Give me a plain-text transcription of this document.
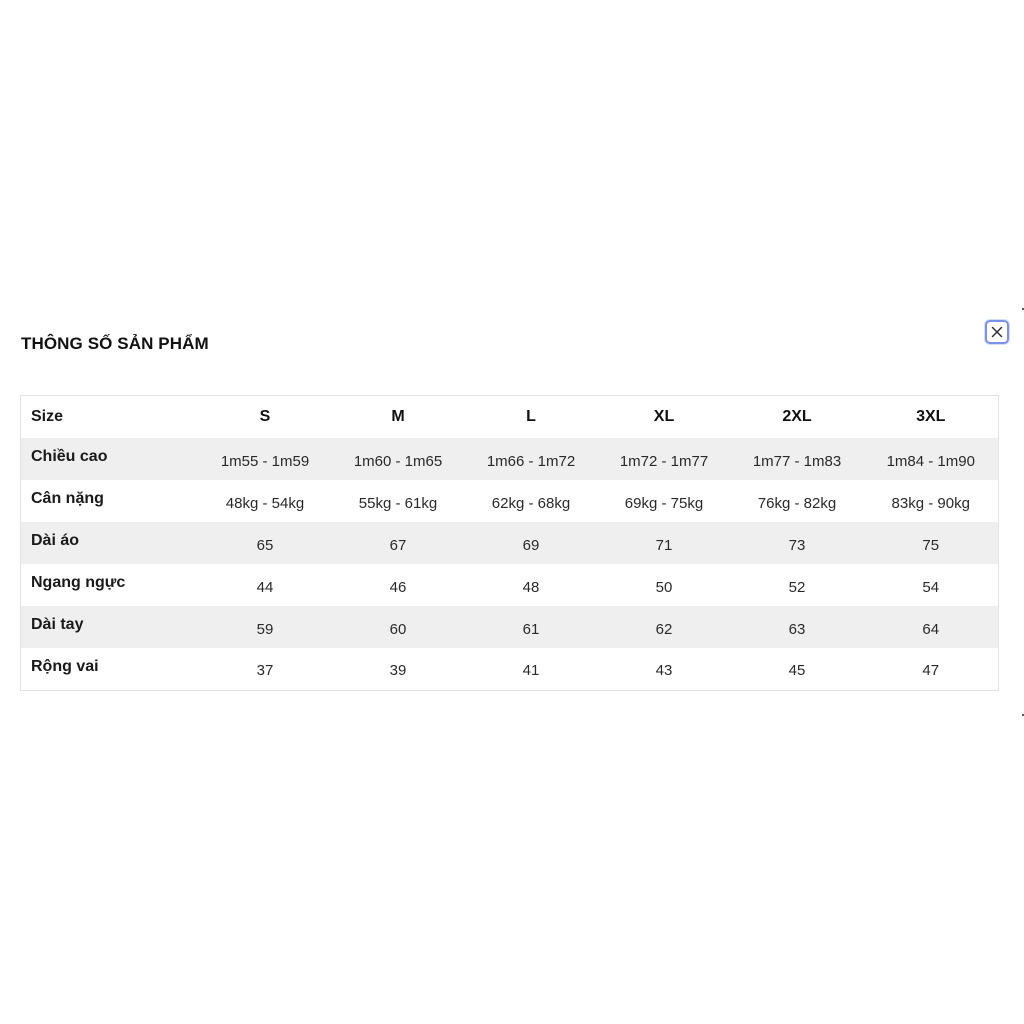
THÔNG SỐ SẢN PHẨM
Size	S	M	L	XL	2XL	3XL
Chiều cao	1m55 - 1m59	1m60 - 1m65	1m66 - 1m72	1m72 - 1m77	1m77 - 1m83	1m84 - 1m90
Cân nặng	48kg - 54kg	55kg - 61kg	62kg - 68kg	69kg - 75kg	76kg - 82kg	83kg - 90kg
Dài áo	65	67	69	71	73	75
Ngang ngực	44	46	48	50	52	54
Dài tay	59	60	61	62	63	64
Rộng vai	37	39	41	43	45	47
